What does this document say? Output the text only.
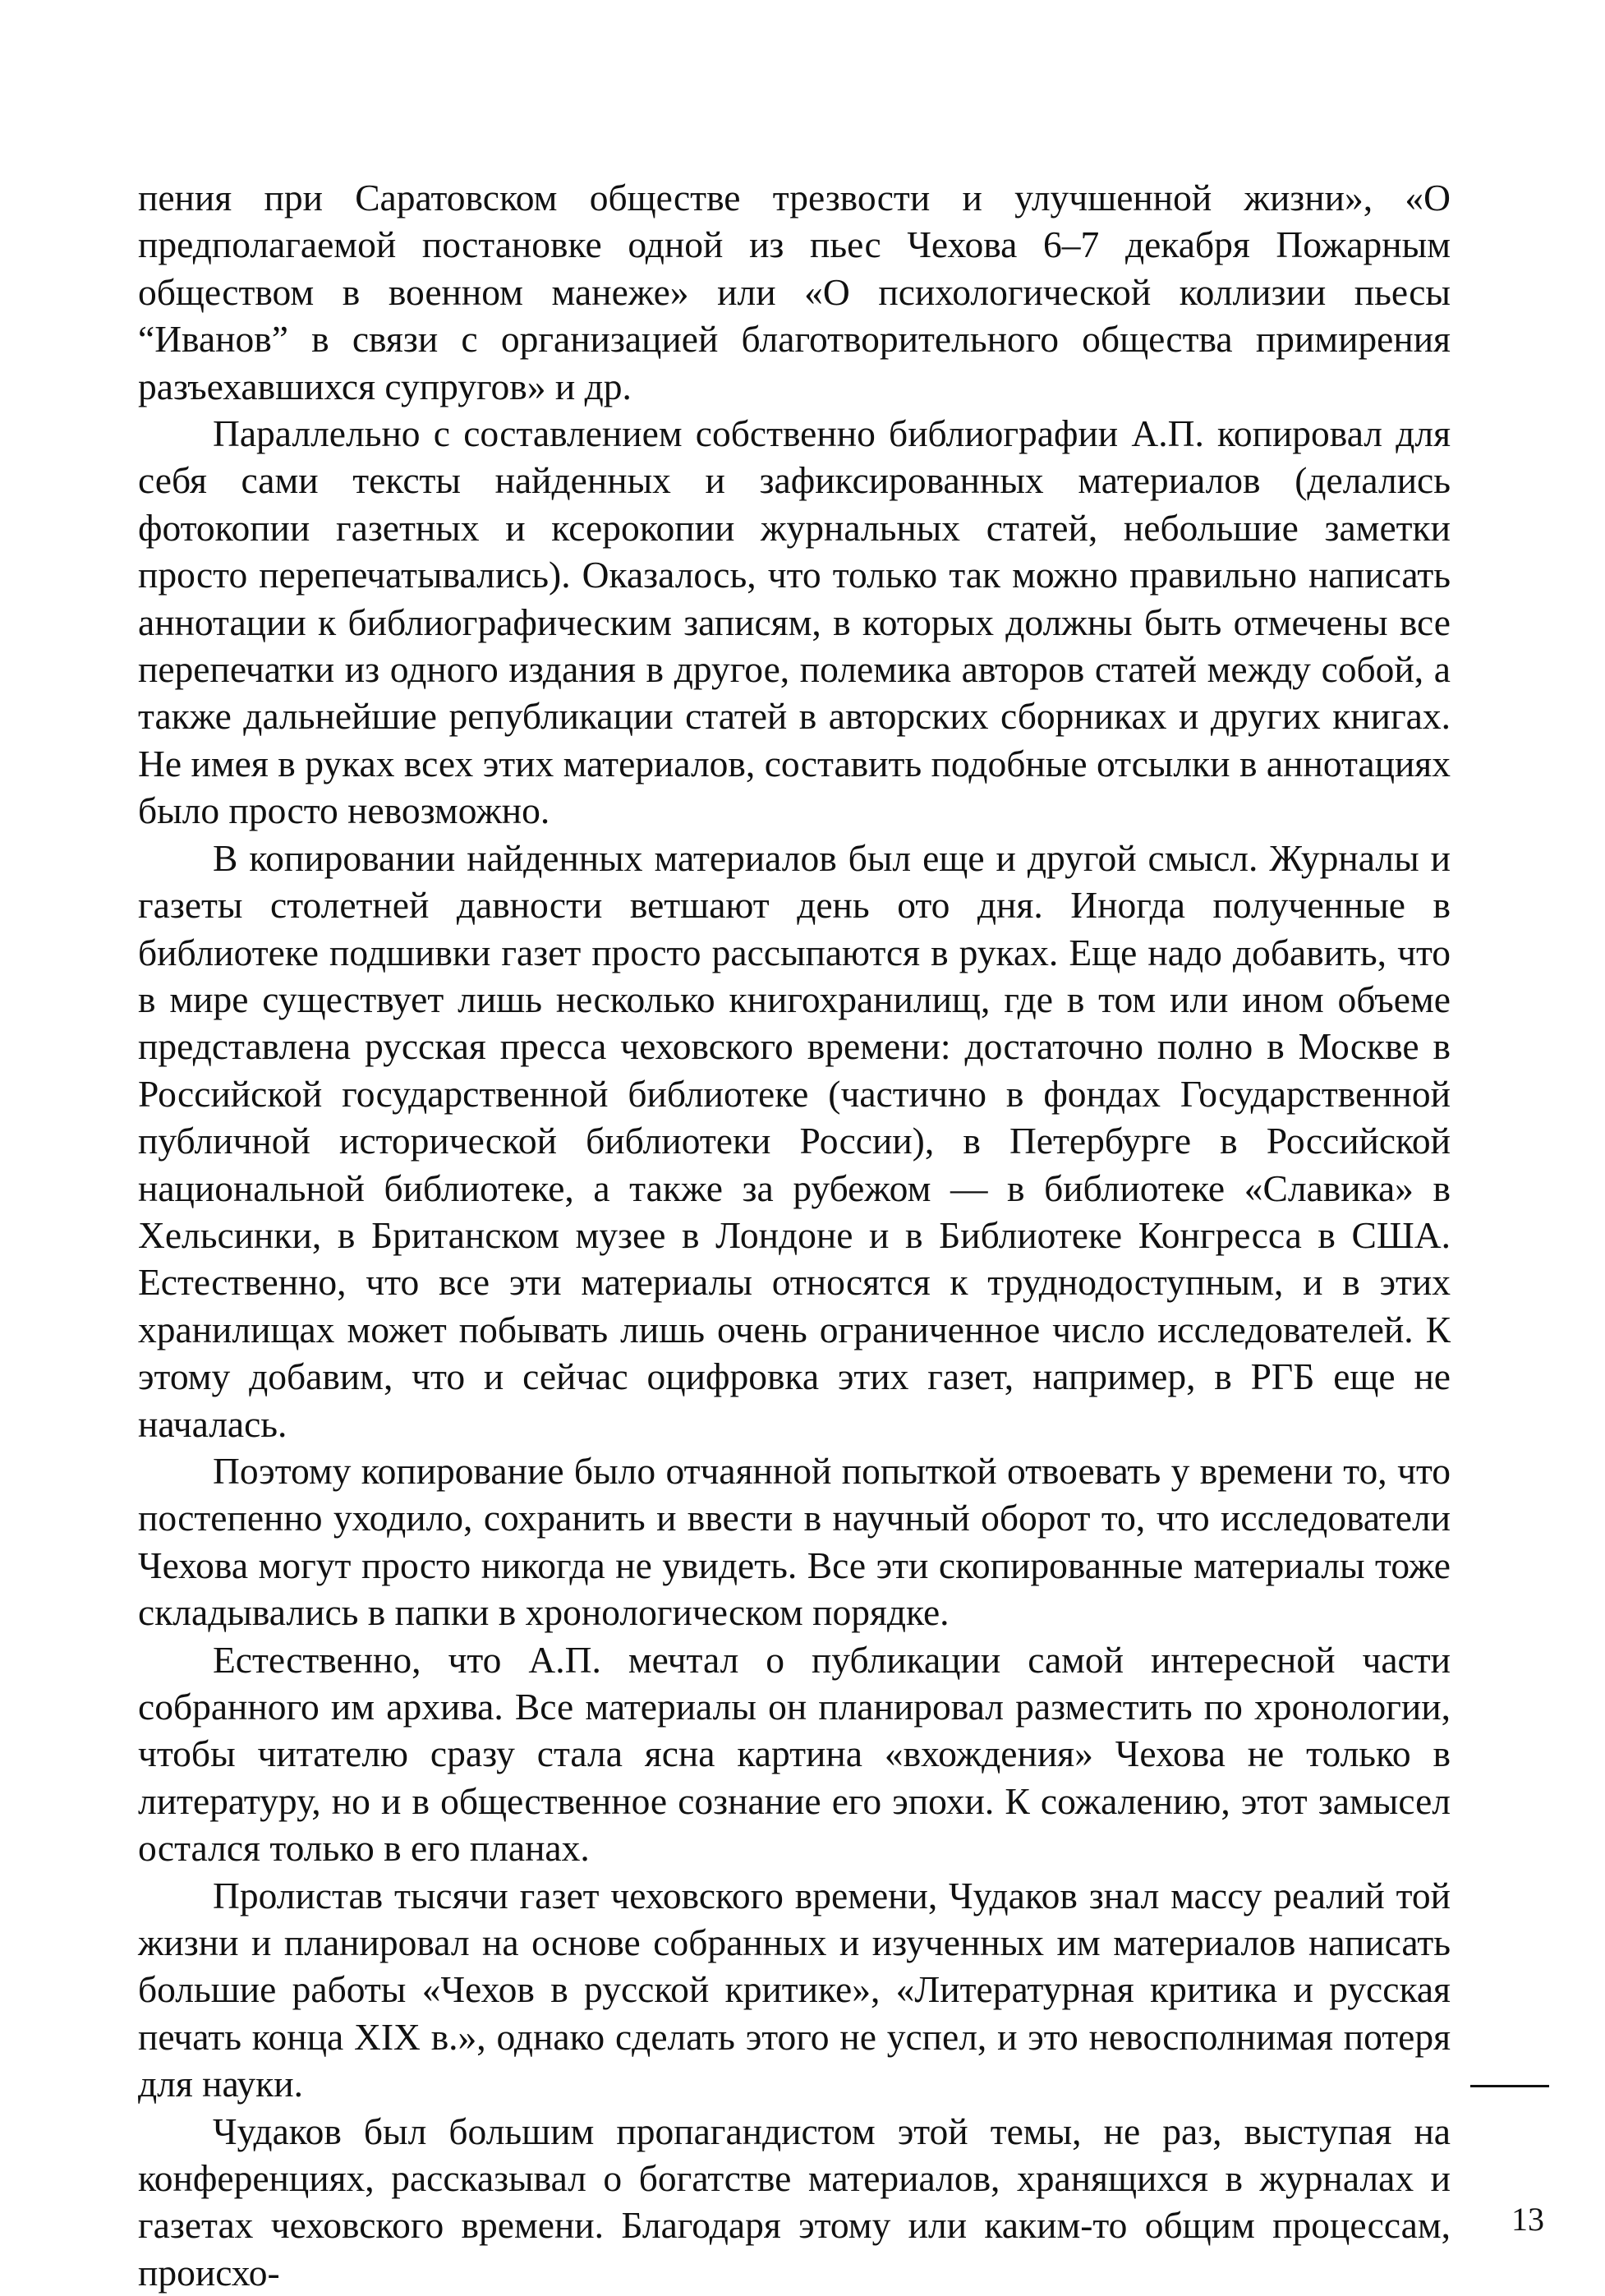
пения при Саратовском обществе трезвости и улучшенной жизни», «О предполагаемой постановке одной из пьес Чехова 6–7 декабря Пожарным обществом в военном манеже» или «О психологической коллизии пьесы “Иванов” в связи с организацией благотворительного общества примирения разъехавшихся супругов» и др.

Параллельно с составлением собственно библиографии А.П. копировал для себя сами тексты найденных и зафиксированных материалов (делались фотокопии газетных и ксерокопии журнальных статей, небольшие заметки просто перепечатывались). Оказалось, что только так можно правильно написать аннотации к библиографическим записям, в которых должны быть отмечены все перепечатки из одного издания в другое, полемика авторов статей между собой, а также дальнейшие републикации статей в авторских сборниках и других книгах. Не имея в руках всех этих материалов, составить подобные отсылки в аннотациях было просто невозможно.

В копировании найденных материалов был еще и другой смысл. Журналы и газеты столетней давности ветшают день ото дня. Иногда полученные в библиотеке подшивки газет просто рассыпаются в руках. Еще надо добавить, что в мире существует лишь несколько книгохранилищ, где в том или ином объеме представлена русская пресса чеховского времени: достаточно полно в Москве в Российской государственной библиотеке (частично в фондах Государственной публичной исторической библиотеки России), в Петербурге в Российской национальной библиотеке, а также за рубежом — в библиотеке «Славика» в Хельсинки, в Британском музее в Лондоне и в Библиотеке Конгресса в США. Естественно, что все эти материалы относятся к труднодоступным, и в этих хранилищах может побывать лишь очень ограниченное число исследователей. К этому добавим, что и сейчас оцифровка этих газет, например, в РГБ еще не началась.

Поэтому копирование было отчаянной попыткой отвоевать у времени то, что постепенно уходило, сохранить и ввести в научный оборот то, что исследователи Чехова могут просто никогда не увидеть. Все эти скопированные материалы тоже складывались в папки в хронологическом порядке.

Естественно, что А.П. мечтал о публикации самой интересной части собранного им архива. Все материалы он планировал разместить по хронологии, чтобы читателю сразу стала ясна картина «вхождения» Чехова не только в литературу, но и в общественное сознание его эпохи. К сожалению, этот замысел остался только в его планах.

Пролистав тысячи газет чеховского времени, Чудаков знал массу реалий той жизни и планировал на основе собранных и изученных им материалов написать большие работы «Чехов в русской критике», «Литературная критика и русская печать конца XIX в.», однако сделать этого не успел, и это невосполнимая потеря для науки.

Чудаков был большим пропагандистом этой темы, не раз, выступая на конференциях, рассказывал о богатстве материалов, хранящихся в журналах и газетах чеховского времени. Благодаря этому или каким-то общим процессам, происхо-

13
